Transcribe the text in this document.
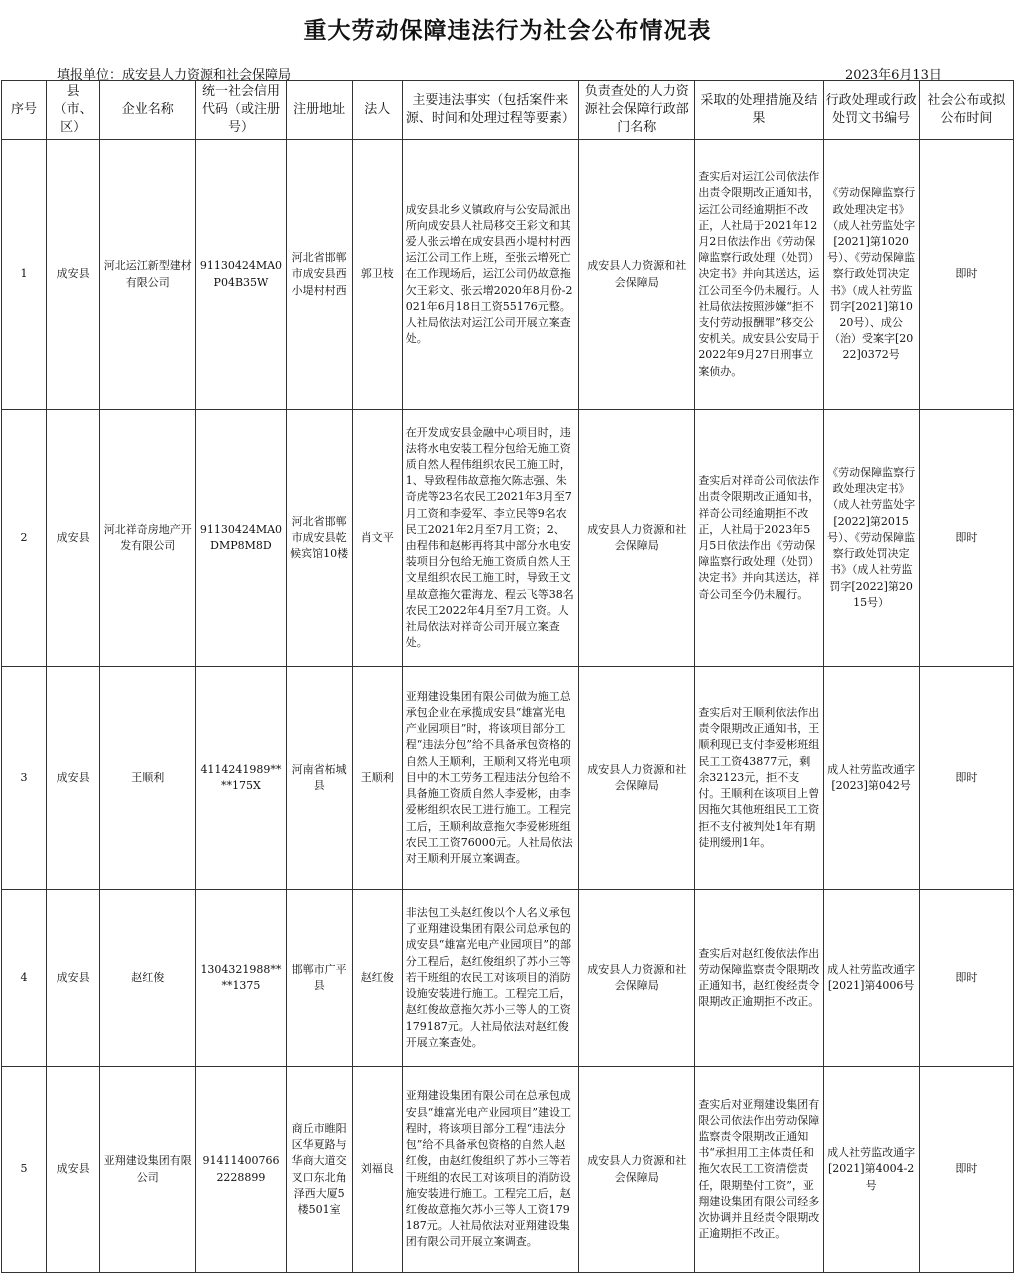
重大劳动保障违法行为社会公布情况表
填报单位：成安县人力资源和社会保障局	2023年6月13日
序号	县（市、区）	企业名称	统一社会信用代码（或注册号）	注册地址	法人	主要违法事实（包括案件来源、时间和处理过程等要素）	负责查处的人力资源社会保障行政部门名称	采取的处理措施及结果	行政处理或行政处罚文书编号	社会公布或拟公布时间
1	成安县	河北运江新型建材有限公司	91130424MA0P04B35W	河北省邯郸市成安县西小堤村村西	郭卫枝	成安县北乡义镇政府与公安局派出所向成安县人社局移交王彩文和其爱人张云增在成安县西小堤村村西运江公司工作上班，至张云增死亡在工作现场后，运江公司仍故意拖欠王彩文、张云增2020年8月份-2021年6月18日工资55176元整。人社局依法对运江公司开展立案查处。	成安县人力资源和社会保障局	查实后对运江公司依法作出责令限期改正通知书，运江公司经逾期拒不改正，人社局于2021年12月2日依法作出《劳动保障监察行政处理（处罚）决定书》并向其送达，运江公司至今仍未履行。人社局依法按照涉嫌“拒不支付劳动报酬罪”移交公安机关。成安县公安局于2022年9月27日刑事立案侦办。	《劳动保障监察行政处理决定书》（成人社劳监处字[2021]第1020号）、《劳动保障监察行政处罚决定书》（成人社劳监罚字[2021]第1020号）、成公（治）受案字[2022]0372号	即时
2	成安县	河北祥奇房地产开发有限公司	91130424MA0DMP8M8D	河北省邯郸市成安县乾候宾馆10楼	肖文平	在开发成安县金融中心项目时，违法将水电安装工程分包给无施工资质自然人程伟组织农民工施工时，1、导致程伟故意拖欠陈志强、朱奇虎等23名农民工2021年3月至7月工资和李爱军、李立民等9名农民工2021年2月至7月工资；2、由程伟和赵彬再将其中部分水电安装项目分包给无施工资质自然人王文星组织农民工施工时，导致王文星故意拖欠霍海龙、程云飞等38名农民工2022年4月至7月工资。人社局依法对祥奇公司开展立案查处。	成安县人力资源和社会保障局	查实后对祥奇公司依法作出责令限期改正通知书，祥奇公司经逾期拒不改正，人社局于2023年5月5日依法作出《劳动保障监察行政处理（处罚）决定书》并向其送达，祥奇公司至今仍未履行。	《劳动保障监察行政处理决定书》（成人社劳监处字[2022]第2015号）、《劳动保障监察行政处罚决定书》（成人社劳监罚字[2022]第2015号）	即时
3	成安县	王顺利	4114241989****175X	河南省柘城县	王顺利	亚翔建设集团有限公司做为施工总承包企业在承揽成安县“雄富光电产业园项目”时，将该项目部分工程“违法分包”给不具备承包资格的自然人王顺利，王顺利又将光电项目中的木工劳务工程违法分包给不具备施工资质自然人李爱彬，由李爱彬组织农民工进行施工。工程完工后，王顺利故意拖欠李爱彬班组农民工工资76000元。人社局依法对王顺利开展立案调查。	成安县人力资源和社会保障局	查实后对王顺利依法作出责令限期改正通知书，王顺利现已支付李爱彬班组民工工资43877元，剩余32123元，拒不支付。王顺利在该项目上曾因拖欠其他班组民工工资拒不支付被判处1年有期徒刑缓刑1年。	成人社劳监改通字[2023]第042号	即时
4	成安县	赵红俊	1304321988****1375	邯郸市广平县	赵红俊	非法包工头赵红俊以个人名义承包了亚翔建设集团有限公司总承包的成安县“雄富光电产业园项目”的部分工程后，赵红俊组织了苏小三等若干班组的农民工对该项目的消防设施安装进行施工。工程完工后，赵红俊故意拖欠苏小三等人的工资179187元。人社局依法对赵红俊开展立案查处。	成安县人力资源和社会保障局	查实后对赵红俊依法作出劳动保障监察责令限期改正通知书，赵红俊经责令限期改正逾期拒不改正。	成人社劳监改通字[2021]第4006号	即时
5	成安县	亚翔建设集团有限公司	914114007662228899	商丘市睢阳区华夏路与华商大道交叉口东北角泽西大厦5楼501室	刘福良	亚翔建设集团有限公司在总承包成安县“雄富光电产业园项目”建设工程时，将该项目部分工程“违法分包”给不具备承包资格的自然人赵红俊，由赵红俊组织了苏小三等若干班组的农民工对该项目的消防设施安装进行施工。工程完工后，赵红俊故意拖欠苏小三等人工资179187元。人社局依法对亚翔建设集团有限公司开展立案调查。	成安县人力资源和社会保障局	查实后对亚翔建设集团有限公司依法作出劳动保障监察责令限期改正通知书“承担用工主体责任和拖欠农民工工资清偿责任，限期垫付工资”，亚翔建设集团有限公司经多次协调并且经责令限期改正逾期拒不改正。	成人社劳监改通字[2021]第4004-2号	即时
